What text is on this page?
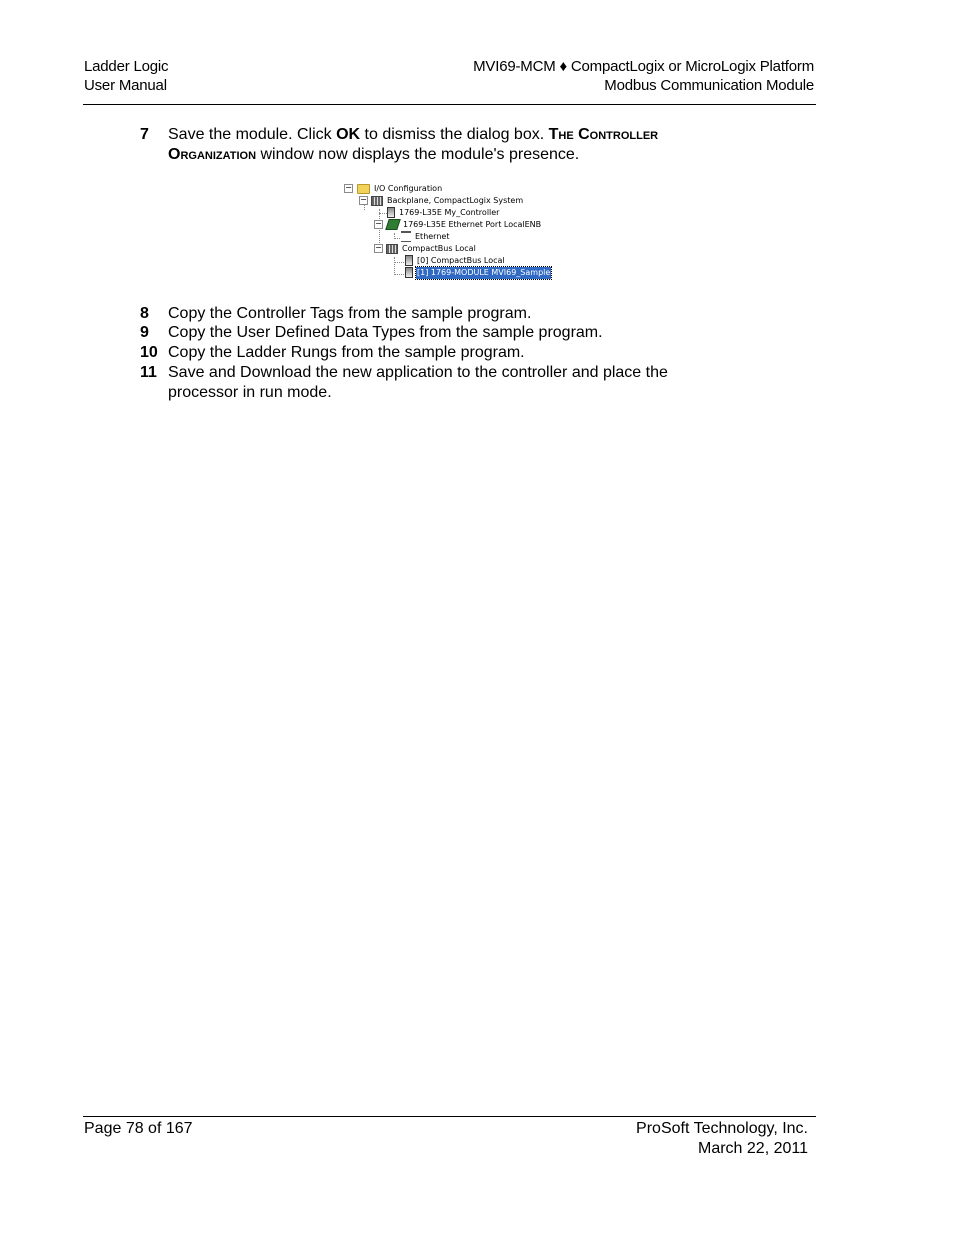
Ladder Logic
User Manual
MVI69-MCM ♦ CompactLogix or MicroLogix Platform
Modbus Communication Module
7 Save the module. Click OK to dismiss the dialog box. The Controller Organization window now displays the module's presence.
−	I/O Configuration
−	Backplane, CompactLogix System
1769-L35E My_Controller
−	1769-L35E Ethernet Port LocalENB
Ethernet
−	CompactBus Local
[0] CompactBus Local
[1] 1769-MODULE MVI69_Sample
8 Copy the Controller Tags from the sample program.
9 Copy the User Defined Data Types from the sample program.
10 Copy the Ladder Rungs from the sample program.
11 Save and Download the new application to the controller and place the processor in run mode.
Page 78 of 167	ProSoft Technology, Inc.
March 22, 2011
